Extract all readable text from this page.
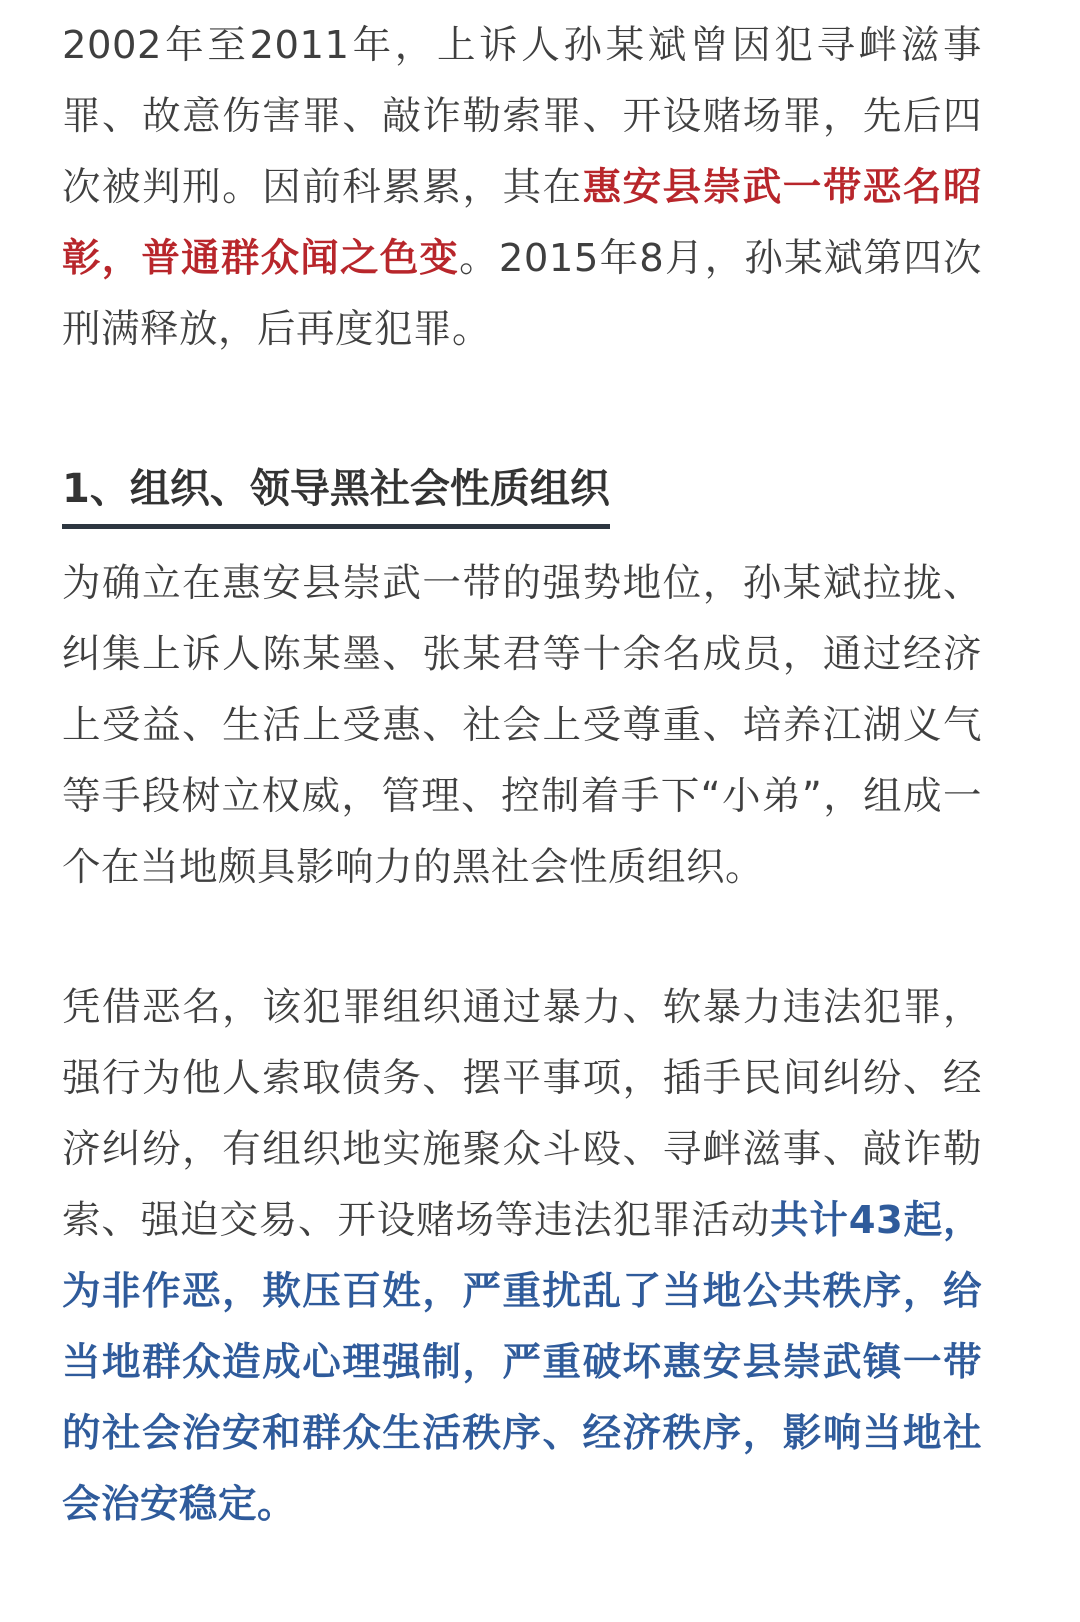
2002年至2011年，上诉人孙某斌曾因犯寻衅滋事罪、故意伤害罪、敲诈勒索罪、开设赌场罪，先后四次被判刑。因前科累累，其在惠安县崇武一带恶名昭彰，普通群众闻之色变。2015年8月，孙某斌第四次刑满释放，后再度犯罪。

1、组织、领导黑社会性质组织

为确立在惠安县崇武一带的强势地位，孙某斌拉拢、纠集上诉人陈某墨、张某君等十余名成员，通过经济上受益、生活上受惠、社会上受尊重、培养江湖义气等手段树立权威，管理、控制着手下“小弟”，组成一个在当地颇具影响力的黑社会性质组织。

凭借恶名，该犯罪组织通过暴力、软暴力违法犯罪，强行为他人索取债务、摆平事项，插手民间纠纷、经济纠纷，有组织地实施聚众斗殴、寻衅滋事、敲诈勒索、强迫交易、开设赌场等违法犯罪活动共计43起，为非作恶，欺压百姓，严重扰乱了当地公共秩序，给当地群众造成心理强制，严重破坏惠安县崇武镇一带的社会治安和群众生活秩序、经济秩序，影响当地社会治安稳定。
